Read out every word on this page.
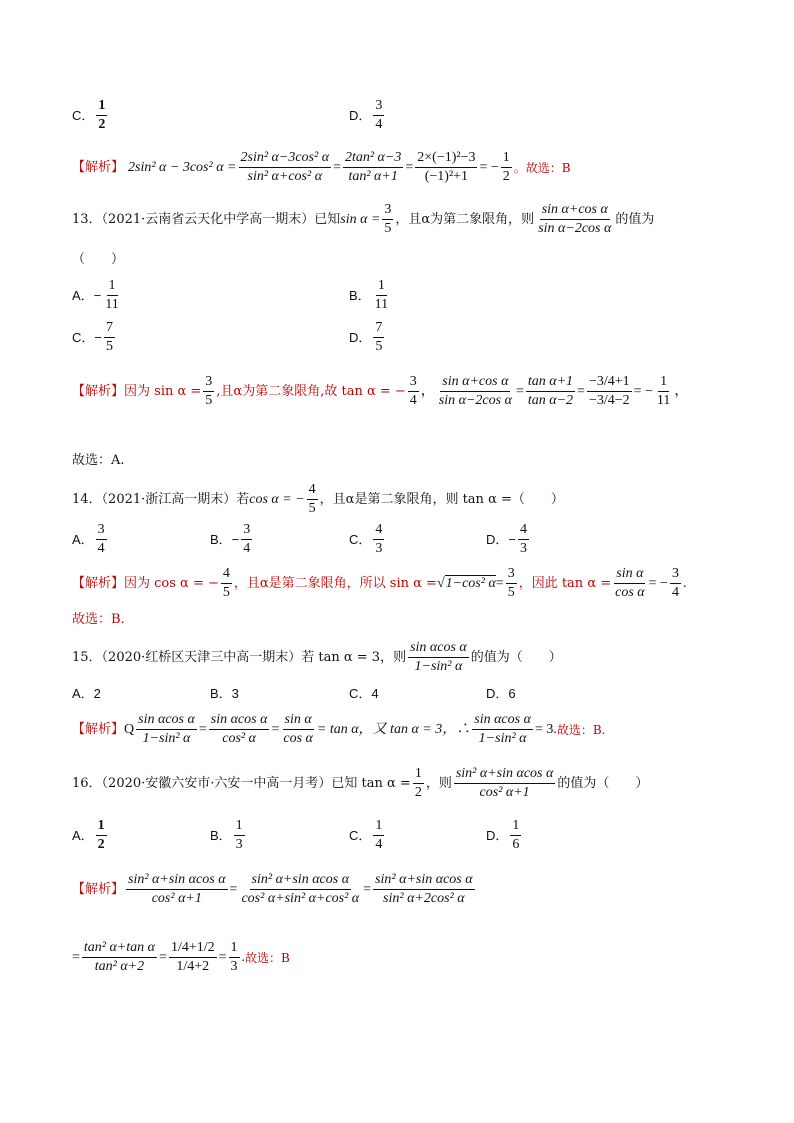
C． $\frac{1}{2}$	D． $\frac{3}{4}$
【解析】 2sin² α − 3cos² $\alpha = \frac{\text{2sin² α−3cos² α}}{\text{sin² α+cos² α}} = \frac{\text{2tan² α−3}}{\text{tan² α+1}} = \frac{\text{2×(−1)²−3}}{\text{(−1)²+1}}$ = − $\frac{1}{2}$ 。故选：B
13．（2021·云南省云天化中学高一期末）已知 $\sin \alpha = \frac{3}{5}$ ，且α为第二象限角，则 $\frac{\text{sin α+cos α}}{\text{sin α−2cos α}}$ 的值为
（　　）
A．− $\frac{1}{11}$	B． $\frac{1}{11}$
C．− $\frac{7}{5}$	D． $\frac{7}{5}$
【解析】 因为 $\sin \alpha = \frac{3}{5}$ ,且α为第二象限角,故 tan α = − $\frac{3}{4}$ ， $\frac{\text{sin α+cos α}}{\text{sin α−2cos α}} = \frac{\text{tan α+1}}{\text{tan α−2}} = \frac{-3/4+1}{-3/4-2}$ = − $\frac{1}{11}$ ，
故选：A.
14．（2021·浙江高一期末）若 cos α = − $\frac{4}{5}$ ，且α是第二象限角，则 tan α =（　　）
A． $\frac{3}{4}$	B．− $\frac{3}{4}$	C． $\frac{4}{3}$	D．− $\frac{4}{3}$
【解析】 因为 cos α = − $\frac{4}{5}$ ，且α是第二象限角，所以 sin α = √ 1−cos² $\alpha = \frac{3}{5}$ ，因此 $\tan \alpha = \frac{\text{sin α}}{\text{cos α}}$ = − $\frac{3}{4}$ .
故选：B.
15．（2020·红桥区天津三中高一期末）若 tan α = 3，则 $\frac{\text{sin αcos α}}{\text{1−sin² α}}$ 的值为（　　）
A．2	B．3	C．4	D．6
【解析】 Q $\frac{\text{sin αcos α}}{\text{1−sin² α}} = \frac{\text{sin αcos α}}{\text{cos² α}} = \frac{\text{sin α}}{\text{cos α}} = \tan \alpha$，又 tan α = 3，∴ $\frac{\text{sin αcos α}}{\text{1−sin² α}} = 3$. 故选：B.
16．（2020·安徽六安市·六安一中高一月考）已知 $\tan \alpha = \frac{1}{2}$ ，则 $\frac{\text{sin² α+sin αcos α}}{\text{cos² α+1}}$ 的值为（　　）
A． $\frac{1}{2}$	B． $\frac{1}{3}$	C． $\frac{1}{4}$	D． $\frac{1}{6}$
【解析】 $\frac{\text{sin² α+sin αcos α}}{\text{cos² α+1}} = \frac{\text{sin² α+sin αcos α}}{\text{cos² α+sin² α+cos² α}} = \frac{\text{sin² α+sin αcos α}}{\text{sin² α+2cos² α}}$
= $\frac{\text{tan² α+tan α}}{\text{tan² α+2}} = \frac{1/4+1/2}{1/4+2} = \frac{1}{3}$ . 故选：B
